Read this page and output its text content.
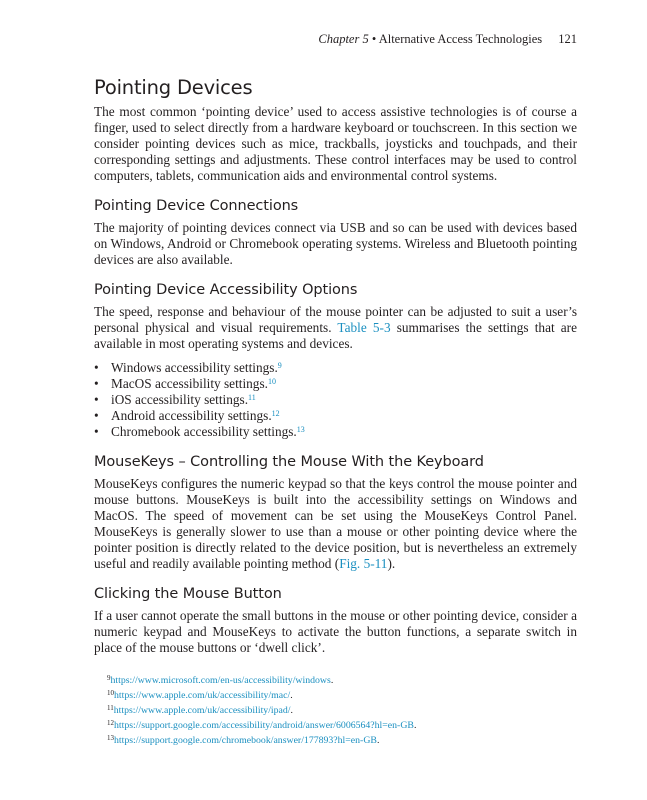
Chapter 5 • Alternative Access Technologies 121
Pointing Devices

The most common ‘pointing device’ used to access assistive technologies is of course a finger, used to select directly from a hardware keyboard or touchscreen. In this section we consider pointing devices such as mice, trackballs, joysticks and touchpads, and their corresponding settings and adjustments. These control interfaces may be used to control computers, tablets, communication aids and environmental control systems.

Pointing Device Connections

The majority of pointing devices connect via USB and so can be used with devices based on Windows, Android or Chromebook operating systems. Wireless and Bluetooth pointing devices are also available.

Pointing Device Accessibility Options

The speed, response and behaviour of the mouse pointer can be adjusted to suit a user’s personal physical and visual requirements. Table 5-3 summarises the settings that are available in most operating systems and devices.

• Windows accessibility settings.$^9$
• MacOS accessibility settings.$^{10}$
• iOS accessibility settings.$^{11}$
• Android accessibility settings.$^{12}$
• Chromebook accessibility settings.$^{13}$
MouseKeys – Controlling the Mouse With the Keyboard

MouseKeys configures the numeric keypad so that the keys control the mouse pointer and mouse buttons. MouseKeys is built into the accessibility settings on Windows and MacOS. The speed of movement can be set using the MouseKeys Control Panel. MouseKeys is generally slower to use than a mouse or other pointing device where the pointer position is directly related to the device position, but is nevertheless an extremely useful and readily available pointing method (Fig. 5-11).

Clicking the Mouse Button

If a user cannot operate the small buttons in the mouse or other pointing device, consider a numeric keypad and MouseKeys to activate the button functions, a separate switch in place of the mouse buttons or ‘dwell click’.

$^9$https://www.microsoft.com/en-us/accessibility/windows.
$^{10}$https://www.apple.com/uk/accessibility/mac/.
$^{11}$https://www.apple.com/uk/accessibility/ipad/.
$^{12}$https://support.google.com/accessibility/android/answer/6006564?hl=en-GB.
$^{13}$https://support.google.com/chromebook/answer/177893?hl=en-GB.
